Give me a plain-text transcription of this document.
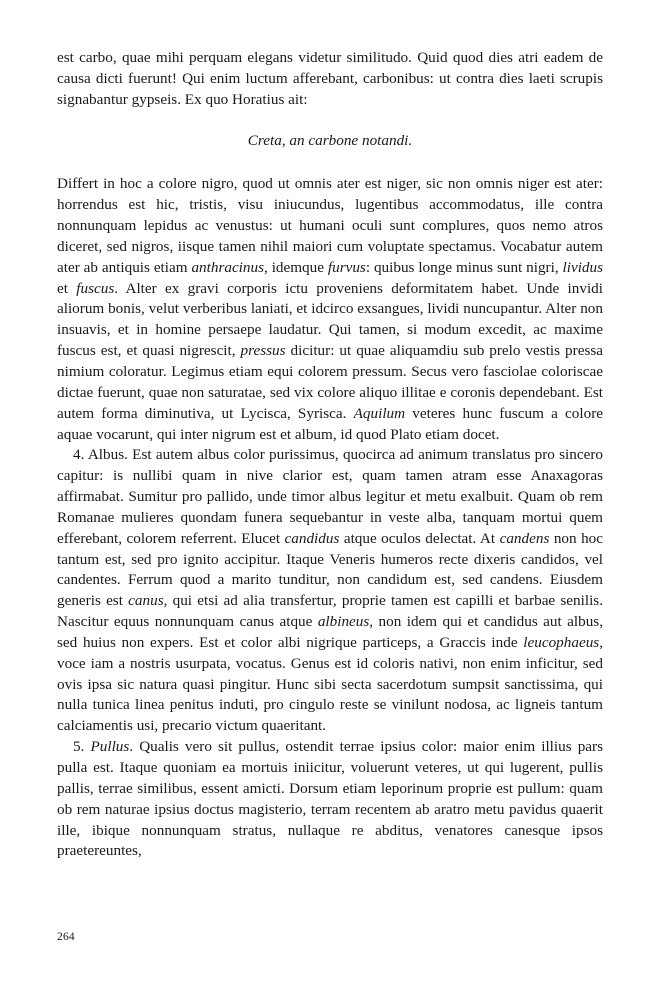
est carbo, quae mihi perquam elegans videtur similitudo. Quid quod dies atri eadem de causa dicti fuerunt! Qui enim luctum afferebant, carbonibus: ut contra dies laeti scrupis signabantur gypseis. Ex quo Horatius ait:

Creta, an carbone notandi.

Differt in hoc a colore nigro, quod ut omnis ater est niger, sic non omnis niger est ater: horrendus est hic, tristis, visu iniucundus, lugentibus accommodatus, ille contra nonnunquam lepidus ac venustus: ut humani oculi sunt complures, quos nemo atros diceret, sed nigros, iisque tamen nihil maiori cum voluptate spectamus. Vocabatur autem ater ab antiquis etiam anthracinus, idemque furvus: quibus longe minus sunt nigri, lividus et fuscus. Alter ex gravi corporis ictu proveniens deformitatem habet. Unde invidi aliorum bonis, velut verberibus laniati, et idcirco exsangues, lividi nuncupantur. Alter non insuavis, et in homine persaepe laudatur. Qui tamen, si modum excedit, ac maxime fuscus est, et quasi nigrescit, pressus dicitur: ut quae aliquamdiu sub prelo vestis pressa nimium coloratur. Legimus etiam equi colorem pressum. Secus vero fasciolae coloriscae dictae fuerunt, quae non saturatae, sed vix colore aliquo illitae e coronis dependebant. Est autem forma diminutiva, ut Lycisca, Syrisca. Aquilum veteres hunc fuscum a colore aquae vocarunt, qui inter nigrum est et album, id quod Plato etiam docet.

4. Albus. Est autem albus color purissimus, quocirca ad animum translatus pro sincero capitur: is nullibi quam in nive clarior est, quam tamen atram esse Anaxagoras affirmabat. Sumitur pro pallido, unde timor albus legitur et metu exalbuit. Quam ob rem Romanae mulieres quondam funera sequebantur in veste alba, tanquam mortui quem efferebant, colorem referrent. Elucet candidus atque oculos delectat. At candens non hoc tantum est, sed pro ignito accipitur. Itaque Veneris humeros recte dixeris candidos, vel candentes. Ferrum quod a marito tunditur, non candidum est, sed candens. Eiusdem generis est canus, qui etsi ad alia transfertur, proprie tamen est capilli et barbae senilis. Nascitur equus nonnunquam canus atque albineus, non idem qui et candidus aut albus, sed huius non expers. Est et color albi nigrique particeps, a Graccis inde leucophaeus, voce iam a nostris usurpata, vocatus. Genus est id coloris nativi, non enim inficitur, sed ovis ipsa sic natura quasi pingitur. Hunc sibi secta sacerdotum sumpsit sanctissima, qui nulla tunica linea penitus induti, pro cingulo reste se vinilunt nodosa, ac ligneis tantum calciamentis usi, precario victum quaeritant.

5. Pullus. Qualis vero sit pullus, ostendit terrae ipsius color: maior enim illius pars pulla est. Itaque quoniam ea mortuis iniicitur, voluerunt veteres, ut qui lugerent, pullis pallis, terrae similibus, essent amicti. Dorsum etiam leporinum proprie est pullum: quam ob rem naturae ipsius doctus magisterio, terram recentem ab aratro metu pavidus quaerit ille, ibique nonnunquam stratus, nullaque re abditus, venatores canesque ipsos praetereuntes,

264
